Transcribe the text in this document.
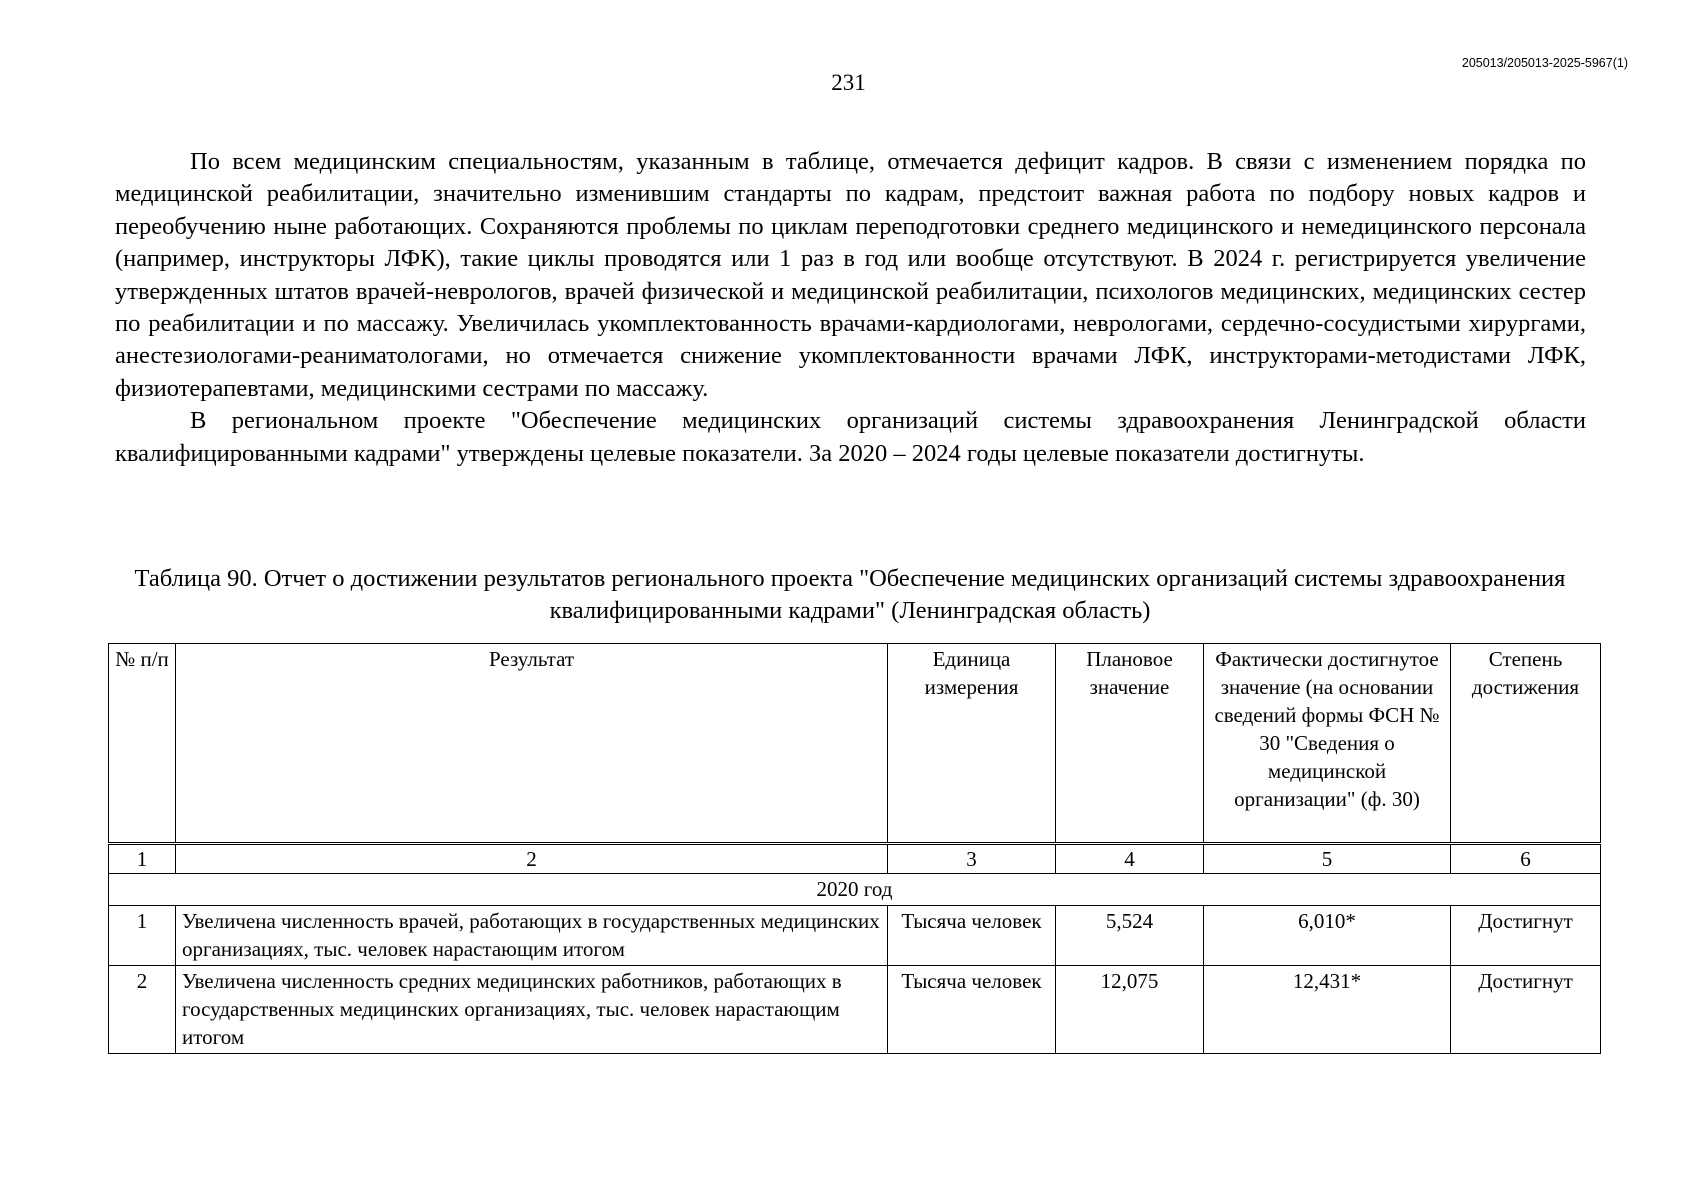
205013/205013-2025-5967(1)
231

По всем медицинским специальностям, указанным в таблице, отмечается дефицит кадров. В связи с изменением порядка по медицинской реабилитации, значительно изменившим стандарты по кадрам, предстоит важная работа по подбору новых кадров и переобучению ныне работающих. Сохраняются проблемы по циклам переподготовки среднего медицинского и немедицинского персонала (например, инструкторы ЛФК), такие циклы проводятся или 1 раз в год или вообще отсутствуют. В 2024 г. регистрируется увеличение утвержденных штатов врачей-неврологов, врачей физической и медицинской реабилитации, психологов медицинских, медицинских сестер по реабилитации и по массажу. Увеличилась укомплектованность врачами-кардиологами, неврологами, сердечно-сосудистыми хирургами, анестезиологами-реаниматологами, но отмечается снижение укомплектованности врачами ЛФК, инструкторами-методистами ЛФК, физиотерапевтами, медицинскими сестрами по массажу.

В региональном проекте "Обеспечение медицинских организаций системы здравоохранения Ленинградской области квалифицированными кадрами" утверждены целевые показатели. За 2020 – 2024 годы целевые показатели достигнуты.

Таблица 90. Отчет о достижении результатов регионального проекта "Обеспечение медицинских организаций системы здравоохранения квалифицированными кадрами" (Ленинградская область)
№ п/п	Результат	Единица измерения	Плановое значение	Фактически достигнутое значение (на основании сведений формы ФСН № 30 "Сведения о медицинской организации" (ф. 30)	Степень достижения
1	2	3	4	5	6
2020 год					
1	Увеличена численность врачей, работающих в государственных медицинских организациях, тыс. человек нарастающим итогом	Тысяча человек	5,524	6,010*	Достигнут
2	Увеличена численность средних медицинских работников, работающих в государственных медицинских организациях, тыс. человек нарастающим итогом	Тысяча человек	12,075	12,431*	Достигнут
